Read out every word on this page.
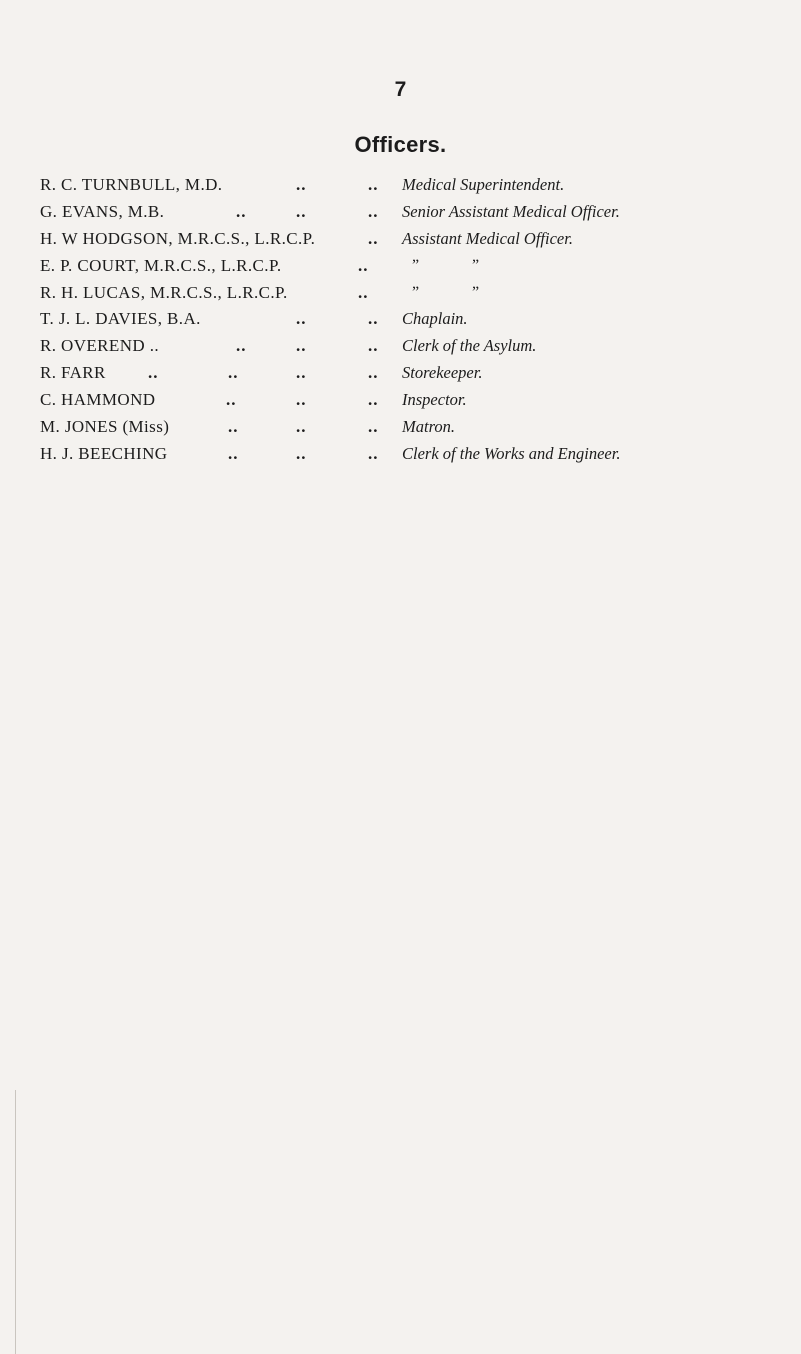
7
Officers.
R. C. TURNBULL, M.D.	..	.. Medical Superintendent.
G. EVANS, M.B.	..	..	.. Senior Assistant Medical Officer.
H. W HODGSON, M.R.C.S., L.R.C.P.	.. Assistant Medical Officer.
E. P. COURT, M.R.C.S., L.R.C.P.	..	”	”
R. H. LUCAS, M.R.C.S., L.R.C.P.	..	”	”
T. J. L. DAVIES, B.A.	..	.. Chaplain.
R. OVEREND ..	..	..	.. Clerk of the Asylum.
R. FARR ..	..	..	.. Storekeeper.
C. HAMMOND	..	..	.. Inspector.
M. JONES (Miss)	..	..	.. Matron.
H. J. BEECHING	..	..	.. Clerk of the Works and Engineer.
